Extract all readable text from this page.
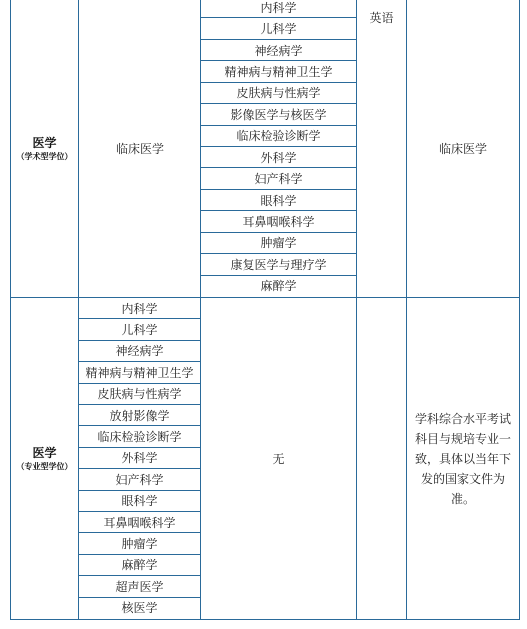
医学
（学术型学位）
临床医学
内科学
儿科学
神经病学
精神病与精神卫生学
皮肤病与性病学
影像医学与核医学
临床检验诊断学
外科学
妇产科学
眼科学
耳鼻咽喉科学
肿瘤学
康复医学与理疗学
麻醉学
英语
临床医学
医学
（专业型学位）
内科学
儿科学
神经病学
精神病与精神卫生学
皮肤病与性病学
放射影像学
临床检验诊断学
外科学
妇产科学
眼科学
耳鼻咽喉科学
肿瘤学
麻醉学
超声医学
核医学
无
学科综合水平考试科目与规培专业一致，具体以当年下发的国家文件为准。
